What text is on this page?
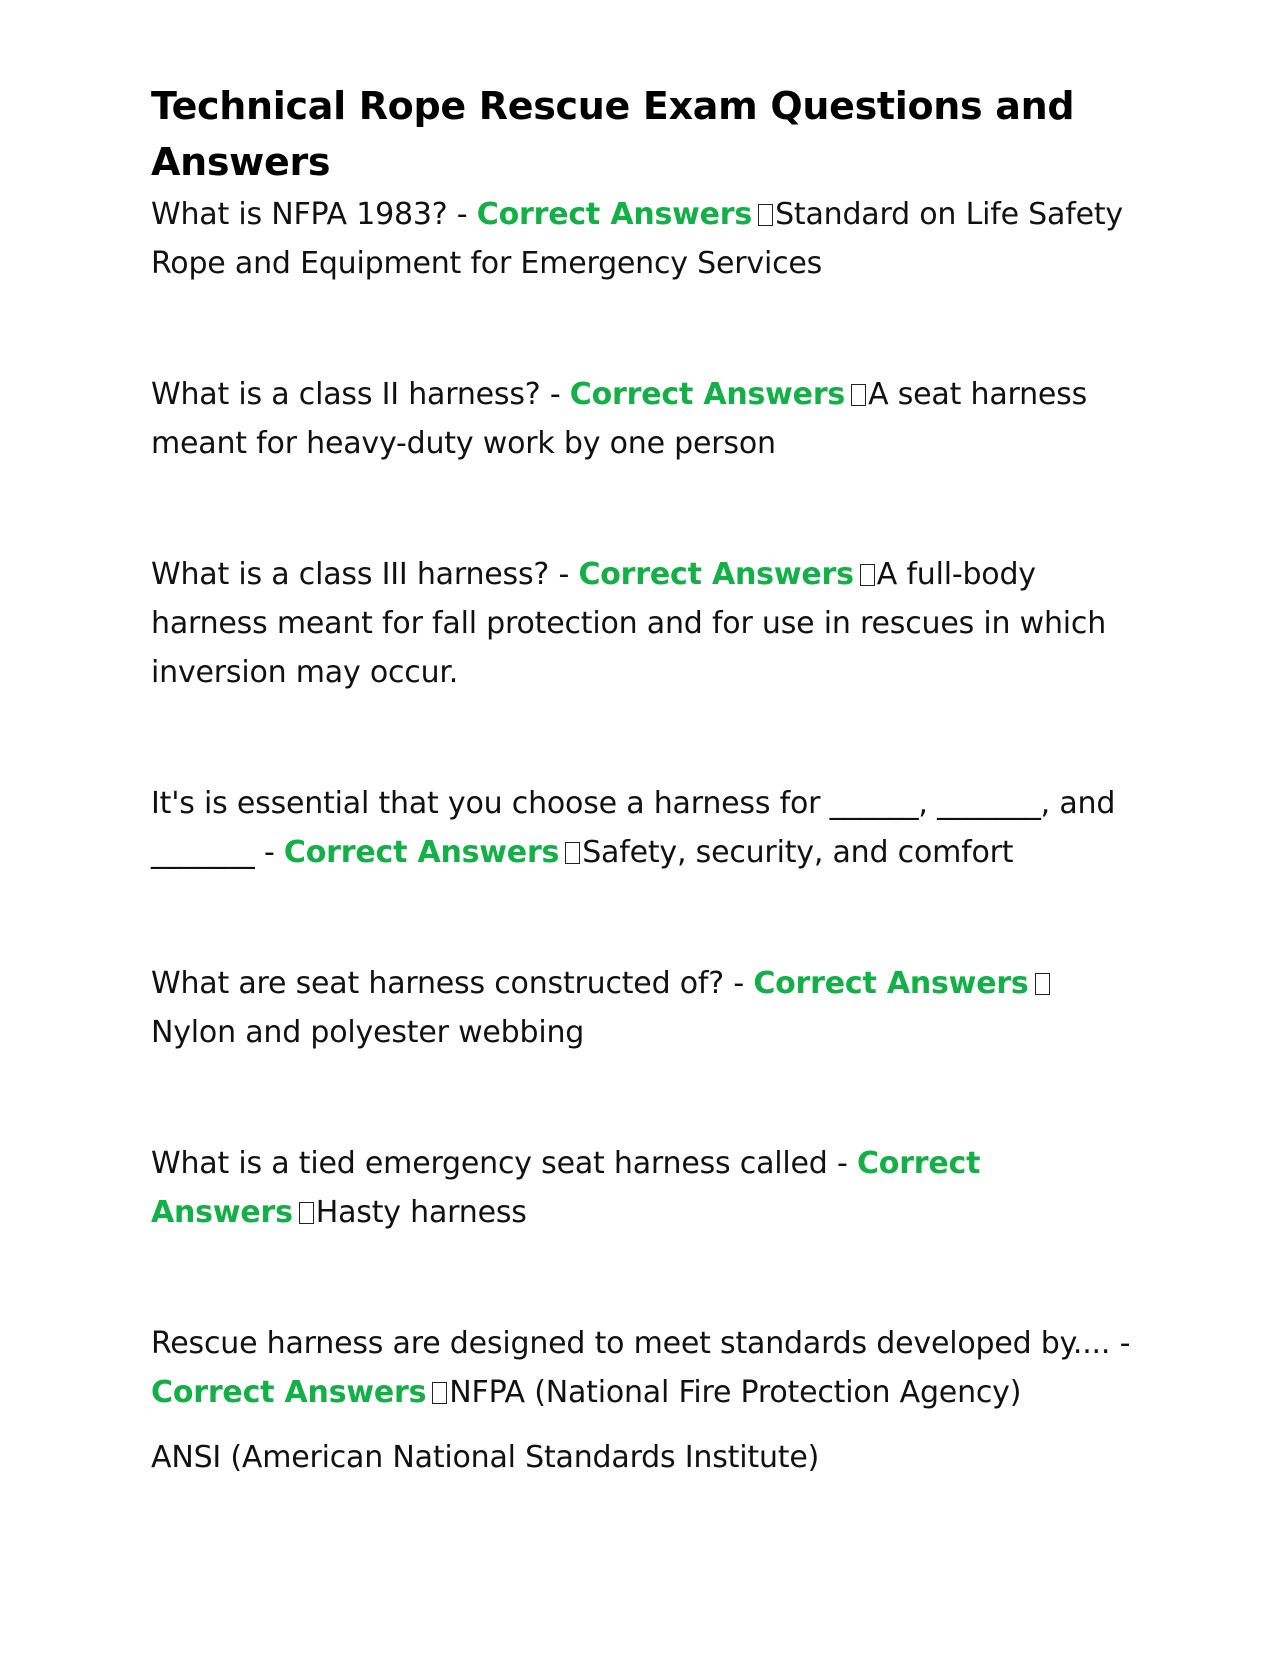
Technical Rope Rescue Exam Questions and Answers

What is NFPA 1983? - Correct Answers Standard on Life Safety Rope and Equipment for Emergency Services

What is a class II harness? - Correct Answers A seat harness meant for heavy-duty work by one person

What is a class III harness? - Correct Answers A full-body harness meant for fall protection and for use in rescues in which inversion may occur.

It's is essential that you choose a harness for ______, _______, and _______ - Correct Answers Safety, security, and comfort

What are seat harness constructed of? - Correct AnswersNylon and polyester webbing

What is a tied emergency seat harness called - Correct Answers Hasty harness

Rescue harness are designed to meet standards developed by.... - Correct Answers NFPA (National Fire Protection Agency)

ANSI (American National Standards Institute)
